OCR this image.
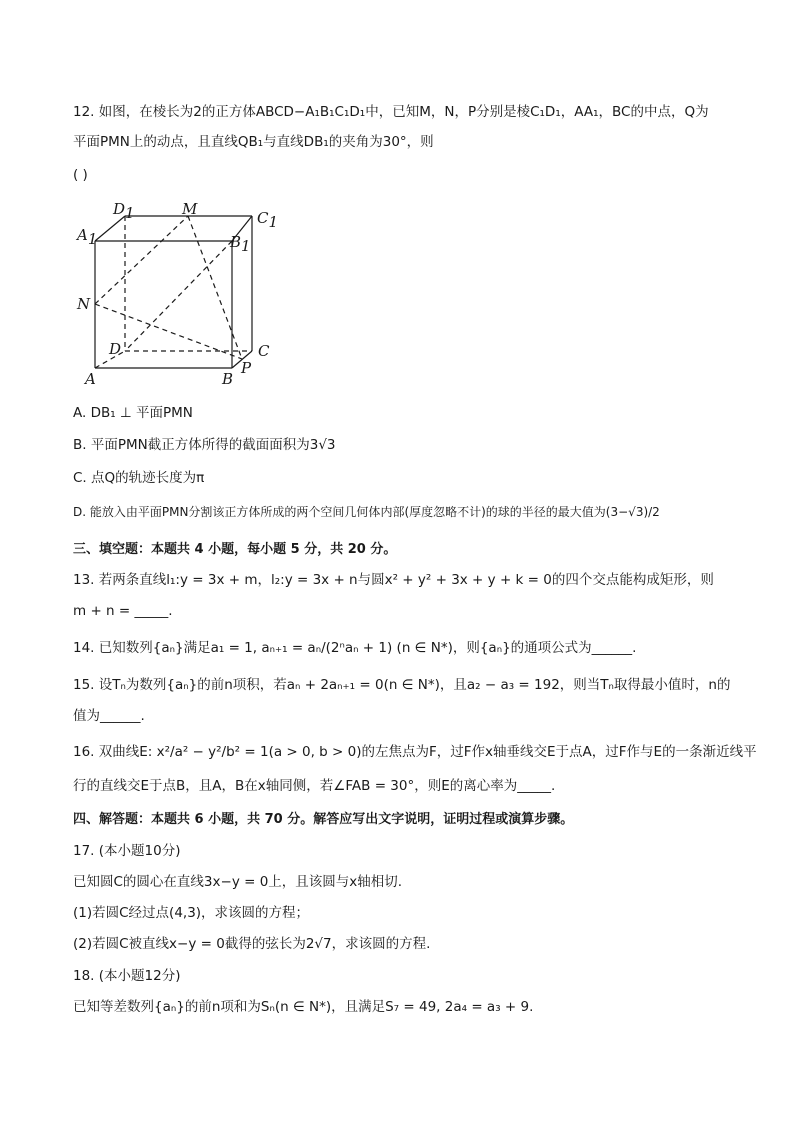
12. 如图，在棱长为2的正方体ABCD−A₁B₁C₁D₁中，已知M，N，P分别是棱C₁D₁，AA₁，BC的中点，Q为
平面PMN上的动点，且直线QB₁与直线DB₁的夹角为30°，则
( )
D1	M	C1
A1	B1
N
D	C
A	B
P
A. DB₁ ⊥ 平面PMN
B. 平面PMN截正方体所得的截面面积为3√3
C. 点Q的轨迹长度为π
D. 能放入由平面PMN分割该正方体所成的两个空间几何体内部(厚度忽略不计)的球的半径的最大值为(3−√3)/2
三、填空题：本题共 4 小题，每小题 5 分，共 20 分。
13. 若两条直线l₁:y = 3x + m，l₂:y = 3x + n与圆x² + y² + 3x + y + k = 0的四个交点能构成矩形，则
m + n = _____.
14. 已知数列{aₙ}满足a₁ = 1, aₙ₊₁ = aₙ/(2ⁿaₙ + 1) (n ∈ N*)，则{aₙ}的通项公式为______.
15. 设Tₙ为数列{aₙ}的前n项积，若aₙ + 2aₙ₊₁ = 0(n ∈ N*)，且a₂ − a₃ = 192，则当Tₙ取得最小值时，n的
值为______.
16. 双曲线E: x²/a² − y²/b² = 1(a > 0, b > 0)的左焦点为F，过F作x轴垂线交E于点A，过F作与E的一条渐近线平
行的直线交E于点B，且A，B在x轴同侧，若∠FAB = 30°，则E的离心率为_____.
四、解答题：本题共 6 小题，共 70 分。解答应写出文字说明，证明过程或演算步骤。
17. (本小题10分)
已知圆C的圆心在直线3x−y = 0上，且该圆与x轴相切.
(1)若圆C经过点(4,3)，求该圆的方程；
(2)若圆C被直线x−y = 0截得的弦长为2√7，求该圆的方程.
18. (本小题12分)
已知等差数列{aₙ}的前n项和为Sₙ(n ∈ N*)，且满足S₇ = 49, 2a₄ = a₃ + 9.
